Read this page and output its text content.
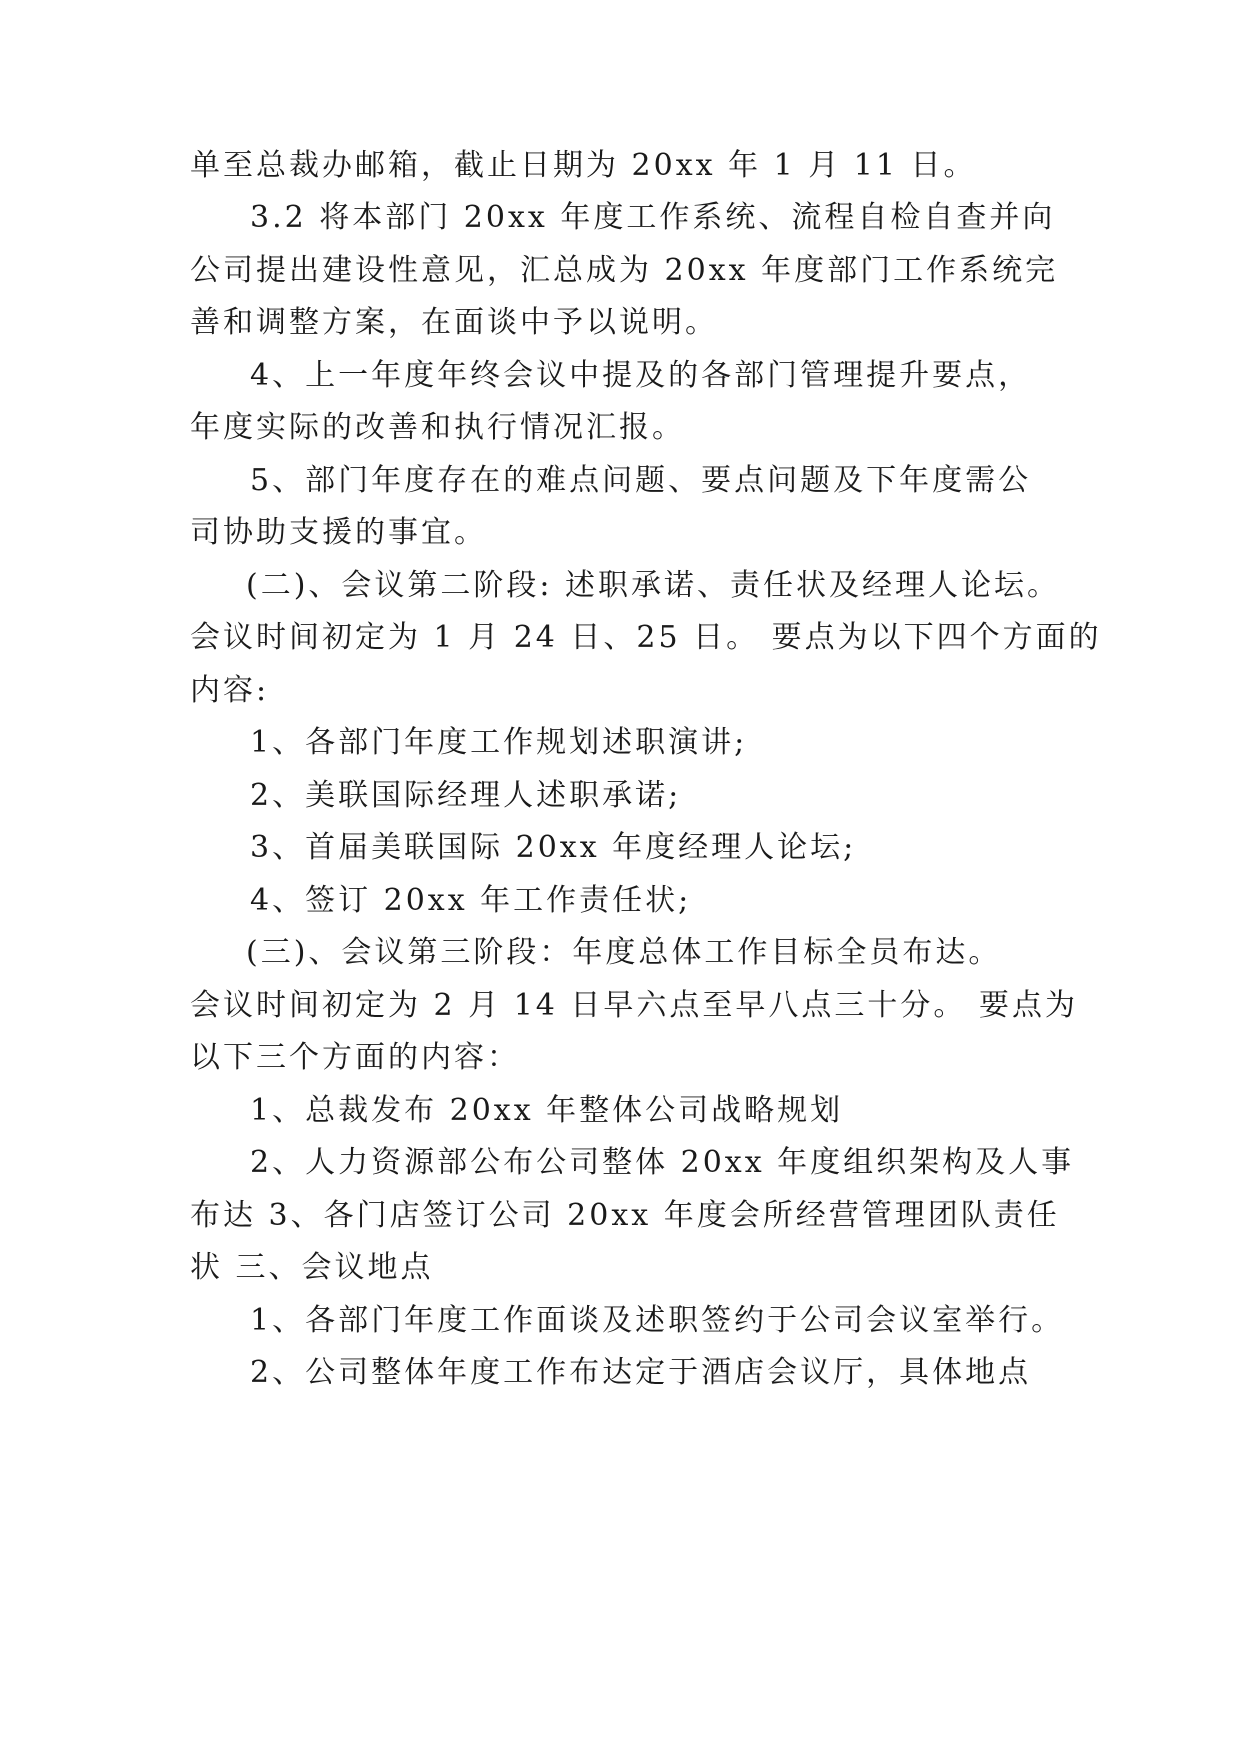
单至总裁办邮箱，截止日期为 20xx 年 1 月 11 日。
3.2 将本部门 20xx 年度工作系统、流程自检自查并向
公司提出建设性意见，汇总成为 20xx 年度部门工作系统完
善和调整方案，在面谈中予以说明。
4、上一年度年终会议中提及的各部门管理提升要点，
年度实际的改善和执行情况汇报。
5、部门年度存在的难点问题、要点问题及下年度需公
司协助支援的事宜。
(二)、会议第二阶段: 述职承诺、责任状及经理人论坛。
会议时间初定为 1 月 24 日、25 日。 要点为以下四个方面的
内容:
1、各部门年度工作规划述职演讲;
2、美联国际经理人述职承诺;
3、首届美联国际 20xx 年度经理人论坛;
4、签订 20xx 年工作责任状;
(三)、会议第三阶段：年度总体工作目标全员布达。
会议时间初定为 2 月 14 日早六点至早八点三十分。 要点为
以下三个方面的内容：
1、总裁发布 20xx 年整体公司战略规划
2、人力资源部公布公司整体 20xx 年度组织架构及人事
布达 3、各门店签订公司 20xx 年度会所经营管理团队责任
状 三、会议地点
1、各部门年度工作面谈及述职签约于公司会议室举行。
2、公司整体年度工作布达定于酒店会议厅，具体地点
